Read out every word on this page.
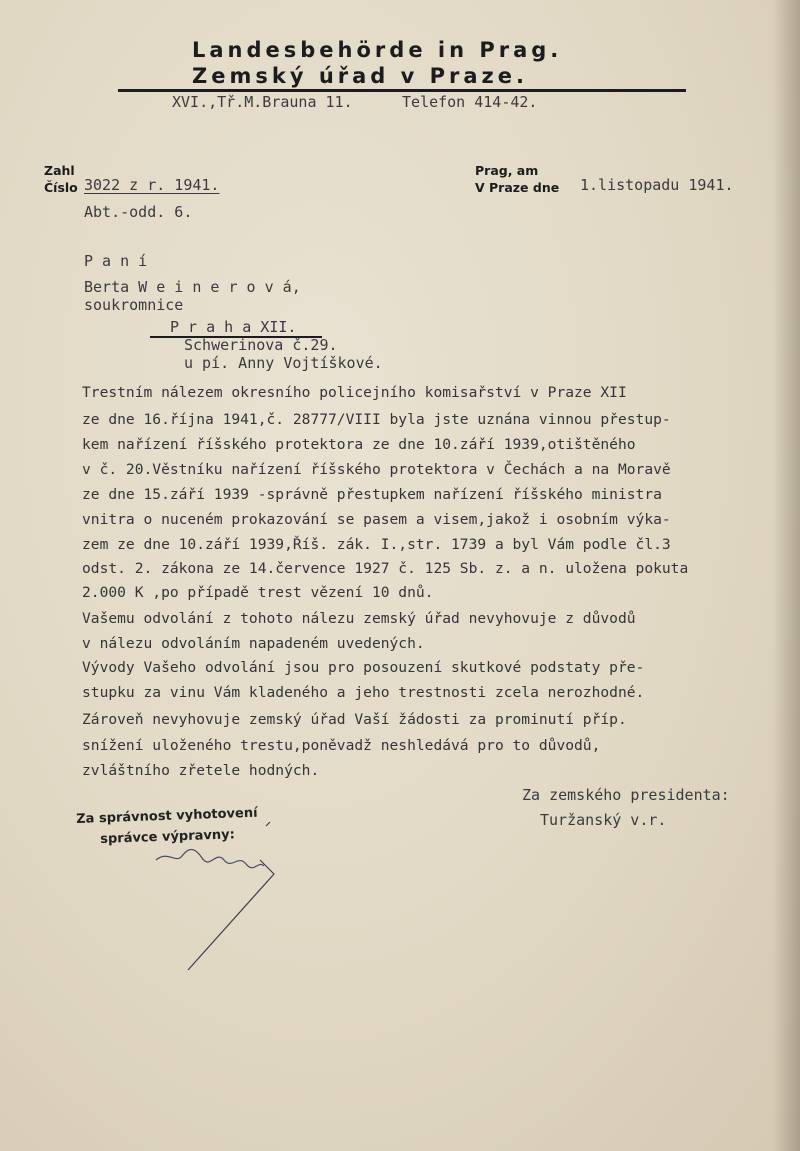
Landesbehörde in Prag.
Zemský úřad v Praze.
XVI.,Tř.M.Brauna 11.	Telefon 414-42.
Zahl
Číslo 3022 z r. 1941.
Abt.-odd. 6.
Prag, am
V Praze dne 1.listopadu 1941.
P a n í
Berta W e i n e r o v á,
soukromnice
P r a h a XII.
Schwerinova č.29.
u pí. Anny Vojtíškové.
Trestním nálezem okresního policejního komisařství v Praze XII
ze dne 16.října 1941,č. 28777/VIII byla jste uznána vinnou přestup-
kem nařízení říšského protektora ze dne 10.září 1939,otištěného
v č. 20.Věstníku nařízení říšského protektora v Čechách a na Moravě
ze dne 15.září 1939 -správně přestupkem nařízení říšského ministra
vnitra o nuceném prokazování se pasem a visem,jakož i osobním výka-
zem ze dne 10.září 1939,Říš. zák. I.,str. 1739 a byl Vám podle čl.3
odst. 2. zákona ze 14.července 1927 č. 125 Sb. z. a n. uložena pokuta
2.000 K ,po případě trest vězení 10 dnů.
Vašemu odvolání z tohoto nálezu zemský úřad nevyhovuje z důvodů
v nálezu odvoláním napadeném uvedených.
Vývody Vašeho odvolání jsou pro posouzení skutkové podstaty pře-
stupku za vinu Vám kladeného a jeho trestnosti zcela nerozhodné.
Zároveň nevyhovuje zemský úřad Vaší žádosti za prominutí příp.
snížení uloženého trestu,poněvadž neshledává pro to důvodů,
zvláštního zřetele hodných.
Za zemského presidenta:
Turžanský v.r.
Za správnost vyhotovení
správce výpravny:
